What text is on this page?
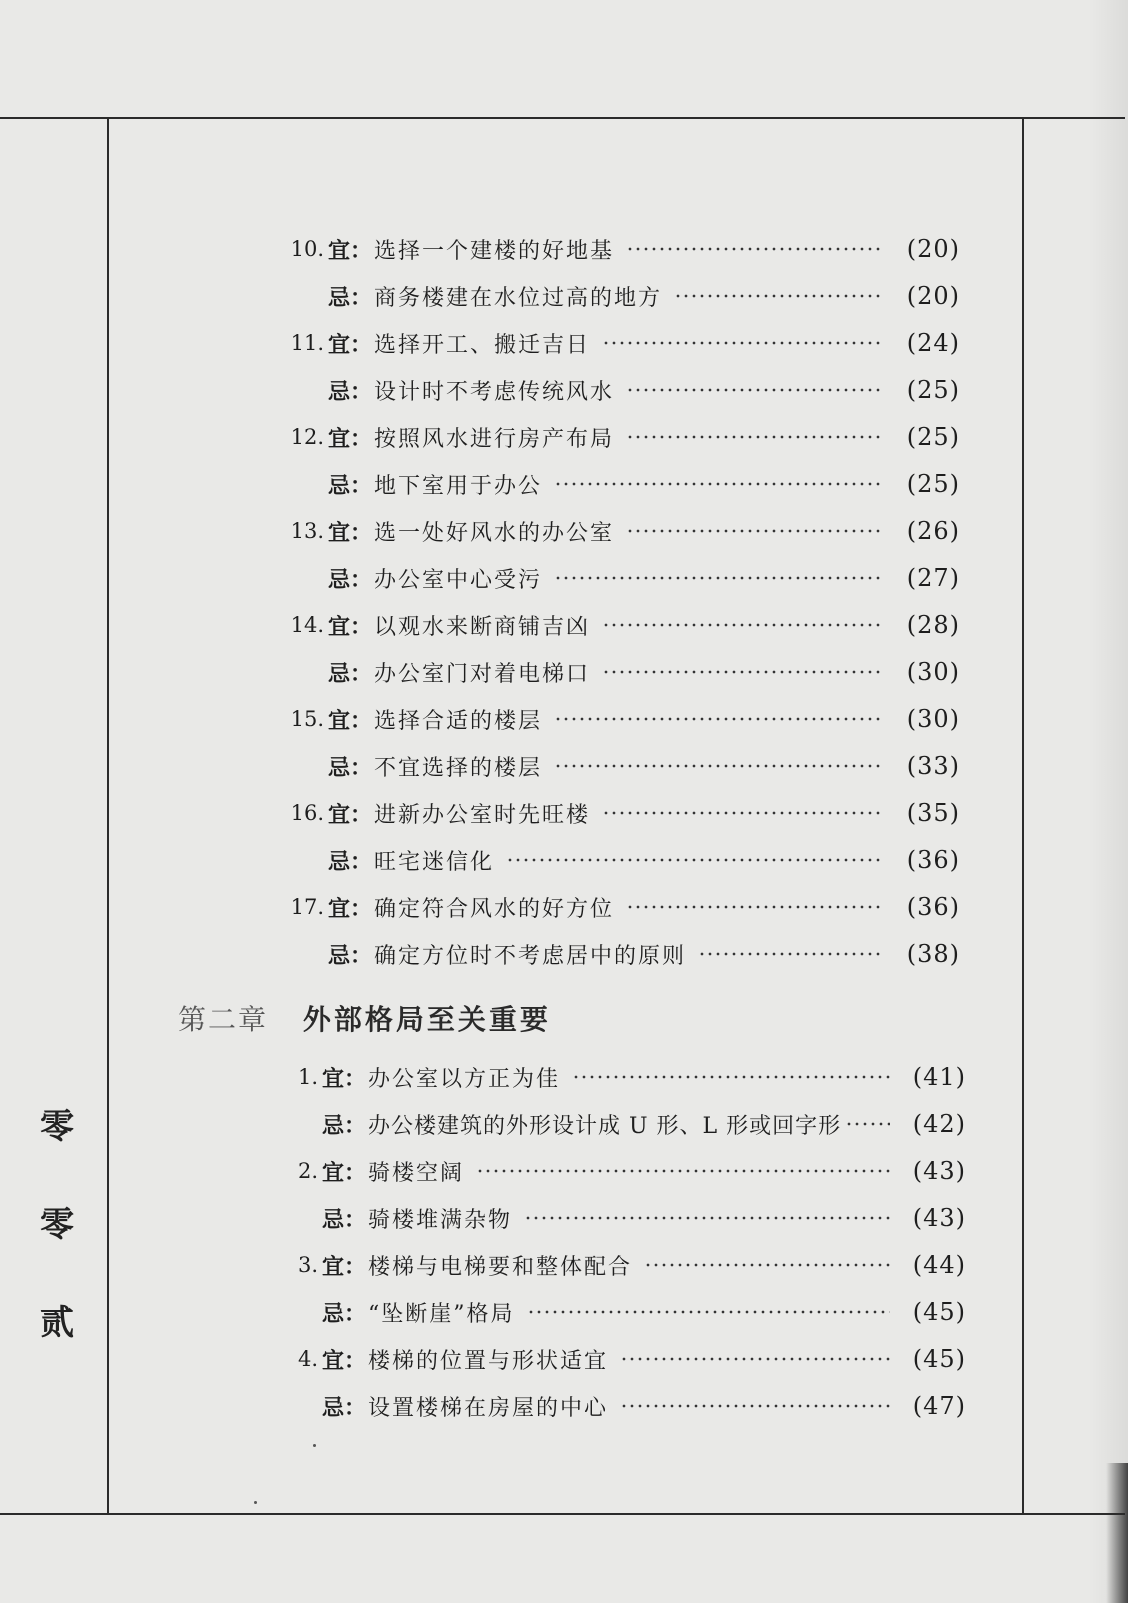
零
零
贰
第二章 外部格局至关重要
10. 宜： 选择一个建楼的好地基	(20)
忌： 商务楼建在水位过高的地方	(20)
11. 宜： 选择开工、搬迁吉日	(24)
忌： 设计时不考虑传统风水	(25)
12. 宜： 按照风水进行房产布局	(25)
忌： 地下室用于办公	(25)
13. 宜： 选一处好风水的办公室	(26)
忌： 办公室中心受污	(27)
14. 宜： 以观水来断商铺吉凶	(28)
忌： 办公室门对着电梯口	(30)
15. 宜： 选择合适的楼层	(30)
忌： 不宜选择的楼层	(33)
16. 宜： 进新办公室时先旺楼	(35)
忌： 旺宅迷信化	(36)
17. 宜： 确定符合风水的好方位	(36)
忌： 确定方位时不考虑居中的原则	(38)
1. 宜： 办公室以方正为佳	(41)
忌： 办公楼建筑的外形设计成 U 形、L 形或回字形	(42)
2. 宜： 骑楼空阔	(43)
忌： 骑楼堆满杂物	(43)
3. 宜： 楼梯与电梯要和整体配合	(44)
忌： “坠断崖”格局	(45)
4. 宜： 楼梯的位置与形状适宜	(45)
忌： 设置楼梯在房屋的中心	(47)
